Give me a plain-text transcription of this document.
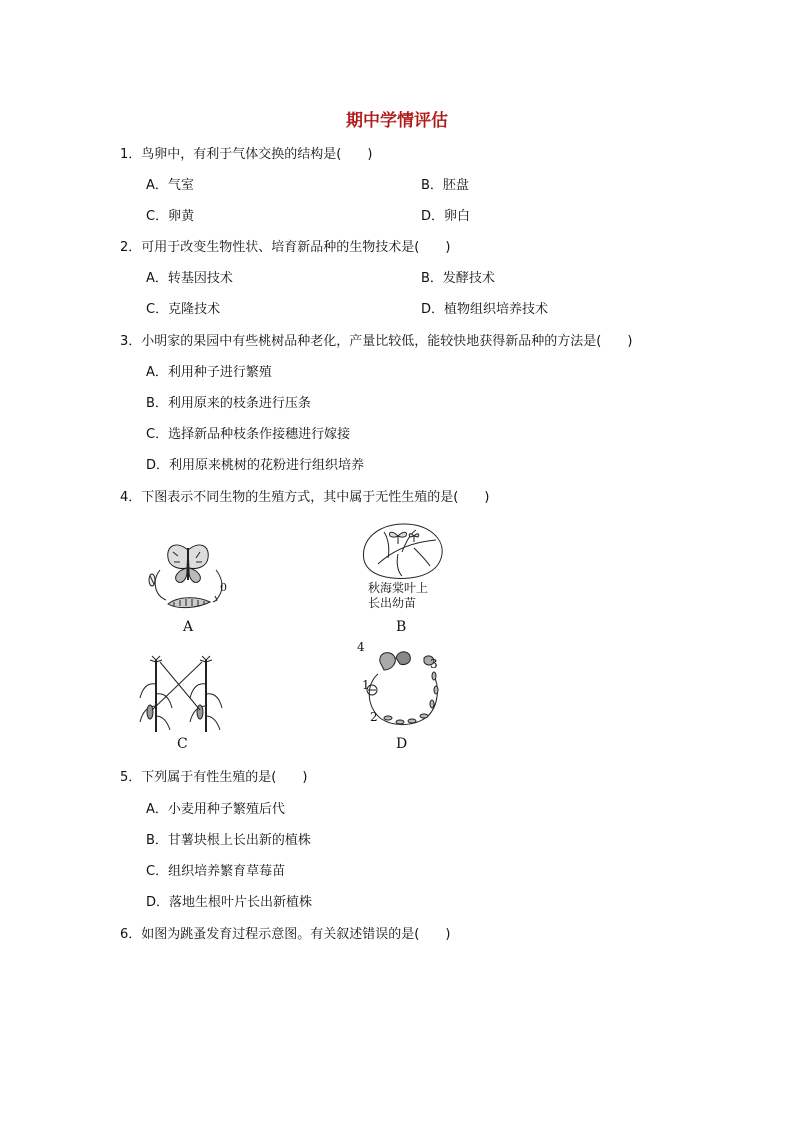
期中学情评估
1．鸟卵中，有利于气体交换的结构是(　　)
A．气室	B．胚盘
C．卵黄	D．卵白
2．可用于改变生物性状、培育新品种的生物技术是(　　)
A．转基因技术	B．发酵技术
C．克隆技术	D．植物组织培养技术
3．小明家的果园中有些桃树品种老化，产量比较低，能较快地获得新品种的方法是(　　)
A．利用种子进行繁殖
B．利用原来的枝条进行压条
C．选择新品种枝条作接穗进行嫁接
D．利用原来桃树的花粉进行组织培养
4．下图表示不同生物的生殖方式，其中属于无性生殖的是(　　)
0
A
秋海棠叶上
长出幼苗
B
C
4
3
1
2
D
5．下列属于有性生殖的是(　　)
A．小麦用种子繁殖后代
B．甘薯块根上长出新的植株
C．组织培养繁育草莓苗
D．落地生根叶片长出新植株
6．如图为跳蚤发育过程示意图。有关叙述错误的是(　　)
